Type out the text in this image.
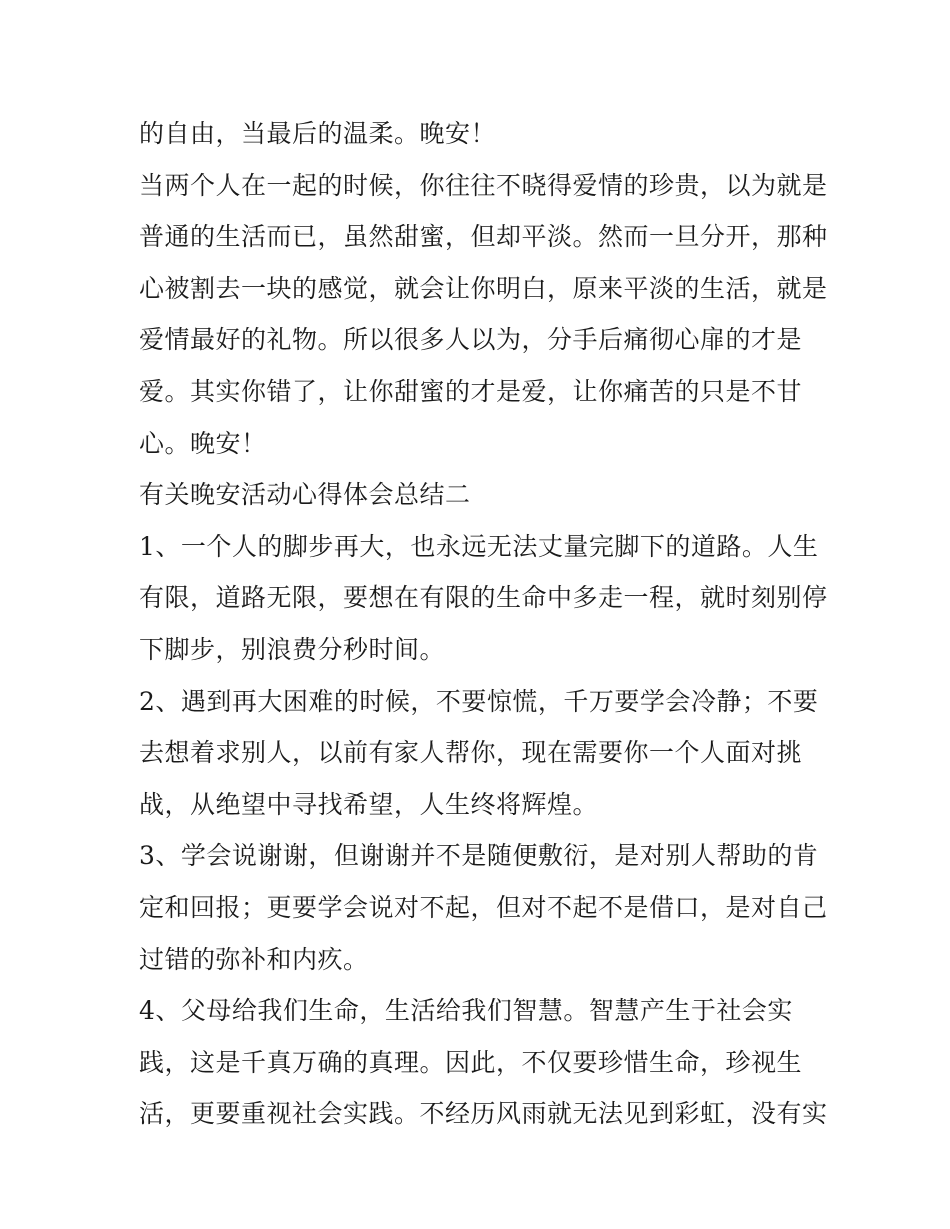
的自由，当最后的温柔。晚安！
当两个人在一起的时候，你往往不晓得爱情的珍贵，以为就是
普通的生活而已，虽然甜蜜，但却平淡。然而一旦分开，那种
心被割去一块的感觉，就会让你明白，原来平淡的生活，就是
爱情最好的礼物。所以很多人以为，分手后痛彻心扉的才是
爱。其实你错了，让你甜蜜的才是爱，让你痛苦的只是不甘
心。晚安！
有关晚安活动心得体会总结二
1、一个人的脚步再大，也永远无法丈量完脚下的道路。人生
有限，道路无限，要想在有限的生命中多走一程，就时刻别停
下脚步，别浪费分秒时间。
2、遇到再大困难的时候，不要惊慌，千万要学会冷静；不要
去想着求别人，以前有家人帮你，现在需要你一个人面对挑
战，从绝望中寻找希望，人生终将辉煌。
3、学会说谢谢，但谢谢并不是随便敷衍，是对别人帮助的肯
定和回报；更要学会说对不起，但对不起不是借口，是对自己
过错的弥补和内疚。
4、父母给我们生命，生活给我们智慧。智慧产生于社会实
践，这是千真万确的真理。因此，不仅要珍惜生命，珍视生
活，更要重视社会实践。不经历风雨就无法见到彩虹，没有实
